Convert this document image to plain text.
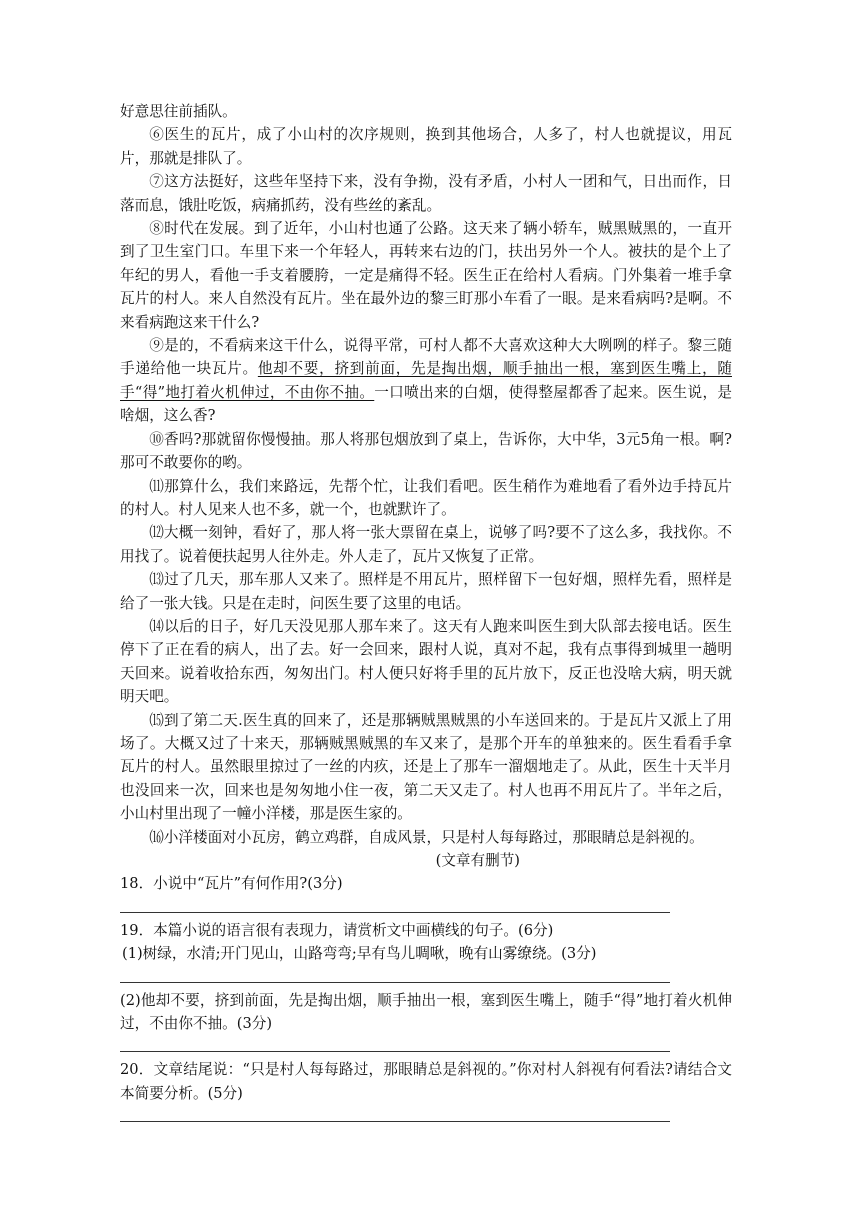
好意思往前插队。

⑥医生的瓦片，成了小山村的次序规则，换到其他场合，人多了，村人也就提议，用瓦片，那就是排队了。

⑦这方法挺好，这些年坚持下来，没有争拗，没有矛盾，小村人一团和气，日出而作，日落而息，饿肚吃饭，病痛抓药，没有些丝的紊乱。

⑧时代在发展。到了近年，小山村也通了公路。这天来了辆小轿车，贼黑贼黑的，一直开到了卫生室门口。车里下来一个年轻人，再转来右边的门，扶出另外一个人。被扶的是个上了年纪的男人，看他一手支着腰胯，一定是痛得不轻。医生正在给村人看病。门外集着一堆手拿瓦片的村人。来人自然没有瓦片。坐在最外边的黎三盯那小车看了一眼。是来看病吗?是啊。不来看病跑这来干什么?

⑨是的，不看病来这干什么，说得平常，可村人都不大喜欢这种大大咧咧的样子。黎三随手递给他一块瓦片。他却不要，挤到前面，先是掏出烟，顺手抽出一根，塞到医生嘴上，随手“得”地打着火机伸过，不由你不抽。一口喷出来的白烟，使得整屋都香了起来。医生说，是啥烟，这么香?

⑩香吗?那就留你慢慢抽。那人将那包烟放到了桌上，告诉你，大中华，3元5角一根。啊?那可不敢要你的哟。

⑾那算什么，我们来路远，先帮个忙，让我们看吧。医生稍作为难地看了看外边手持瓦片的村人。村人见来人也不多，就一个，也就默许了。

⑿大概一刻钟，看好了，那人将一张大票留在桌上，说够了吗?要不了这么多，我找你。不用找了。说着便扶起男人往外走。外人走了，瓦片又恢复了正常。

⒀过了几天，那车那人又来了。照样是不用瓦片，照样留下一包好烟，照样先看，照样是给了一张大钱。只是在走时，问医生要了这里的电话。

⒁以后的日子，好几天没见那人那车来了。这天有人跑来叫医生到大队部去接电话。医生停下了正在看的病人，出了去。好一会回来，跟村人说，真对不起，我有点事得到城里一趟明天回来。说着收拾东西，匆匆出门。村人便只好将手里的瓦片放下，反正也没啥大病，明天就明天吧。

⒂到了第二天.医生真的回来了，还是那辆贼黑贼黑的小车送回来的。于是瓦片又派上了用场了。大概又过了十来天，那辆贼黑贼黑的车又来了，是那个开车的单独来的。医生看看手拿瓦片的村人。虽然眼里掠过了一丝的内疚，还是上了那车一溜烟地走了。从此，医生十天半月也没回来一次，回来也是匆匆地小住一夜，第二天又走了。村人也再不用瓦片了。半年之后，小山村里出现了一幢小洋楼，那是医生家的。

⒃小洋楼面对小瓦房，鹤立鸡群，自成风景，只是村人每每路过，那眼睛总是斜视的。

(文章有删节)

18．小说中“瓦片”有何作用?(3分)

19．本篇小说的语言很有表现力，请赏析文中画横线的句子。(6分)

(1)树绿，水清;开门见山，山路弯弯;早有鸟儿啁啾，晚有山雾缭绕。(3分)

(2)他却不要，挤到前面，先是掏出烟，顺手抽出一根，塞到医生嘴上，随手“得”地打着火机伸过，不由你不抽。(3分)

20．文章结尾说：“只是村人每每路过，那眼睛总是斜视的。”你对村人斜视有何看法?请结合文本简要分析。(5分)
